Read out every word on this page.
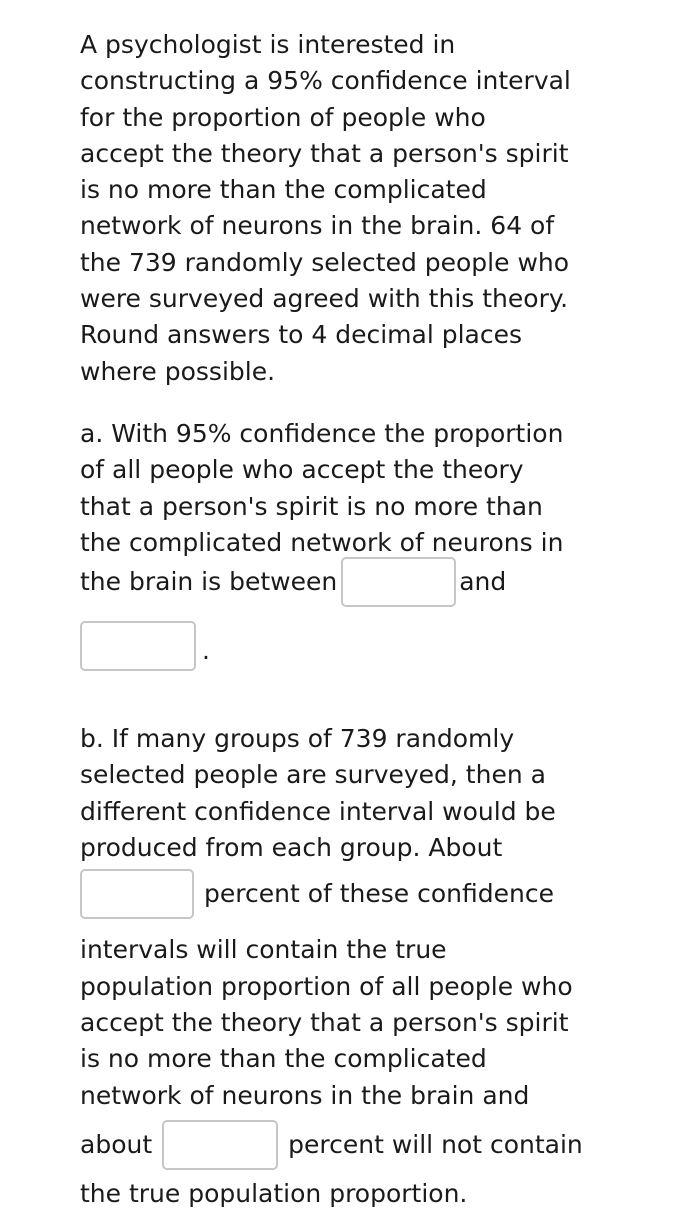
A psychologist is interested in
constructing a 95% confidence interval
for the proportion of people who
accept the theory that a person's spirit
is no more than the complicated
network of neurons in the brain. 64 of
the 739 randomly selected people who
were surveyed agreed with this theory.
Round answers to 4 decimal places
where possible.

a. With 95% confidence the proportion
of all people who accept the theory
that a person's spirit is no more than
the complicated network of neurons in
the brain is between	and
.
b. If many groups of 739 randomly
selected people are surveyed, then a
different confidence interval would be
produced from each group. About
percent of these confidence
intervals will contain the true
population proportion of all people who
accept the theory that a person's spirit
is no more than the complicated
network of neurons in the brain and
about	percent will not contain
the true population proportion.
